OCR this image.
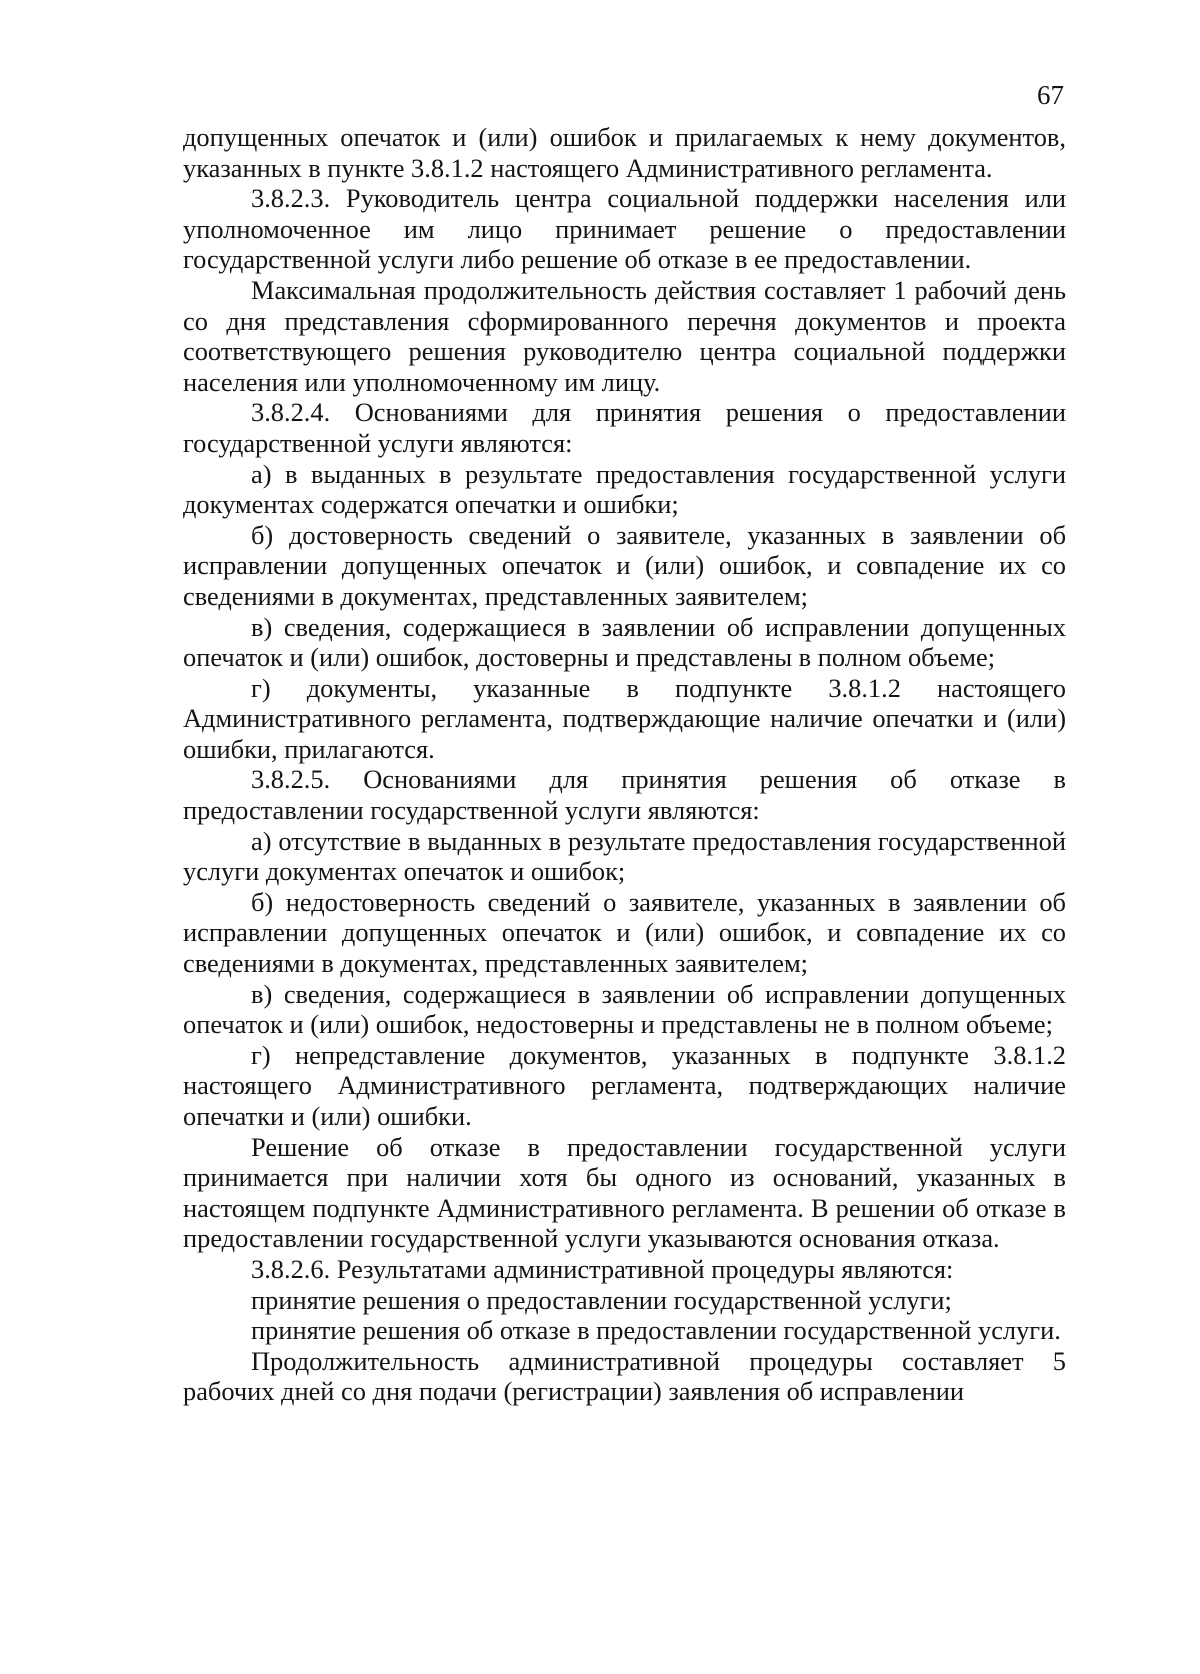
67

допущенных опечаток и (или) ошибок и прилагаемых к нему документов, указанных в пункте 3.8.1.2 настоящего Административного регламента.

3.8.2.3. Руководитель центра социальной поддержки населения или уполномоченное им лицо принимает решение о предоставлении государственной услуги либо решение об отказе в ее предоставлении.

Максимальная продолжительность действия составляет 1 рабочий день со дня представления сформированного перечня документов и проекта соответствующего решения руководителю центра социальной поддержки населения или уполномоченному им лицу.

3.8.2.4. Основаниями для принятия решения о предоставлении государственной услуги являются:

а) в выданных в результате предоставления государственной услуги документах содержатся опечатки и ошибки;

б) достоверность сведений о заявителе, указанных в заявлении об исправлении допущенных опечаток и (или) ошибок, и совпадение их со сведениями в документах, представленных заявителем;

в) сведения, содержащиеся в заявлении об исправлении допущенных опечаток и (или) ошибок, достоверны и представлены в полном объеме;

г) документы, указанные в подпункте 3.8.1.2 настоящего Административного регламента, подтверждающие наличие опечатки и (или) ошибки, прилагаются.

3.8.2.5. Основаниями для принятия решения об отказе в предоставлении государственной услуги являются:

а) отсутствие в выданных в результате предоставления государственной услуги документах опечаток и ошибок;

б) недостоверность сведений о заявителе, указанных в заявлении об исправлении допущенных опечаток и (или) ошибок, и совпадение их со сведениями в документах, представленных заявителем;

в) сведения, содержащиеся в заявлении об исправлении допущенных опечаток и (или) ошибок, недостоверны и представлены не в полном объеме;

г) непредставление документов, указанных в подпункте 3.8.1.2 настоящего Административного регламента, подтверждающих наличие опечатки и (или) ошибки.

Решение об отказе в предоставлении государственной услуги принимается при наличии хотя бы одного из оснований, указанных в настоящем подпункте Административного регламента. В решении об отказе в предоставлении государственной услуги указываются основания отказа.

3.8.2.6. Результатами административной процедуры являются:

принятие решения о предоставлении государственной услуги;

принятие решения об отказе в предоставлении государственной услуги.

Продолжительность административной процедуры составляет 5 рабочих дней со дня подачи (регистрации) заявления об исправлении
